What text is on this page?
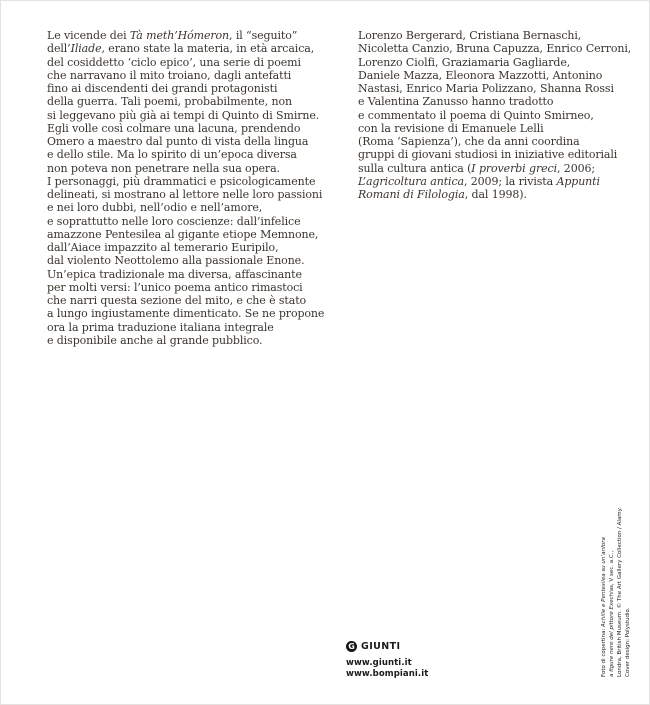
Le vicende dei Tà meth’Hómeron, il “seguito”
dell’Iliade, erano state la materia, in età arcaica,
del cosiddetto ‘ciclo epico’, una serie di poemi
che narravano il mito troiano, dagli antefatti
fino ai discendenti dei grandi protagonisti
della guerra. Tali poemi, probabilmente, non
si leggevano più già ai tempi di Quinto di Smirne.
Egli volle così colmare una lacuna, prendendo
Omero a maestro dal punto di vista della lingua
e dello stile. Ma lo spirito di un’epoca diversa
non poteva non penetrare nella sua opera.
I personaggi, più drammatici e psicologicamente
delineati, si mostrano al lettore nelle loro passioni
e nei loro dubbi, nell’odio e nell’amore,
e soprattutto nelle loro coscienze: dall’infelice
amazzone Pentesilea al gigante etiope Memnone,
dall’Aiace impazzito al temerario Euripilo,
dal violento Neottolemo alla passionale Enone.
Un’epica tradizionale ma diversa, affascinante
per molti versi: l’unico poema antico rimastoci
che narri questa sezione del mito, e che è stato
a lungo ingiustamente dimenticato. Se ne propone
ora la prima traduzione italiana integrale
e disponibile anche al grande pubblico.
Lorenzo Bergerard, Cristiana Bernaschi,
Nicoletta Canzio, Bruna Capuzza, Enrico Cerroni,
Lorenzo Ciolfi, Graziamaria Gagliarde,
Daniele Mazza, Eleonora Mazzotti, Antonino
Nastasi, Enrico Maria Polizzano, Shanna Rossi
e Valentina Zanusso hanno tradotto
e commentato il poema di Quinto Smirneo,
con la revisione di Emanuele Lelli
(Roma ‘Sapienza’), che da anni coordina
gruppi di giovani studiosi in iniziative editoriali
sulla cultura antica (I proverbi greci, 2006;
L’agricoltura antica, 2009; la rivista Appunti
Romani di Filologia, dal 1998).
Foto di copertina: Achille e Pentesilea su un’anfora
a figure nere del pittore Exechias, V sec. a.C., Londra, British Museum. © The Art Gallery Collection / Alamy. Cover design: Polystudio.
G GIUNTI
www.giunti.it
www.bompiani.it
